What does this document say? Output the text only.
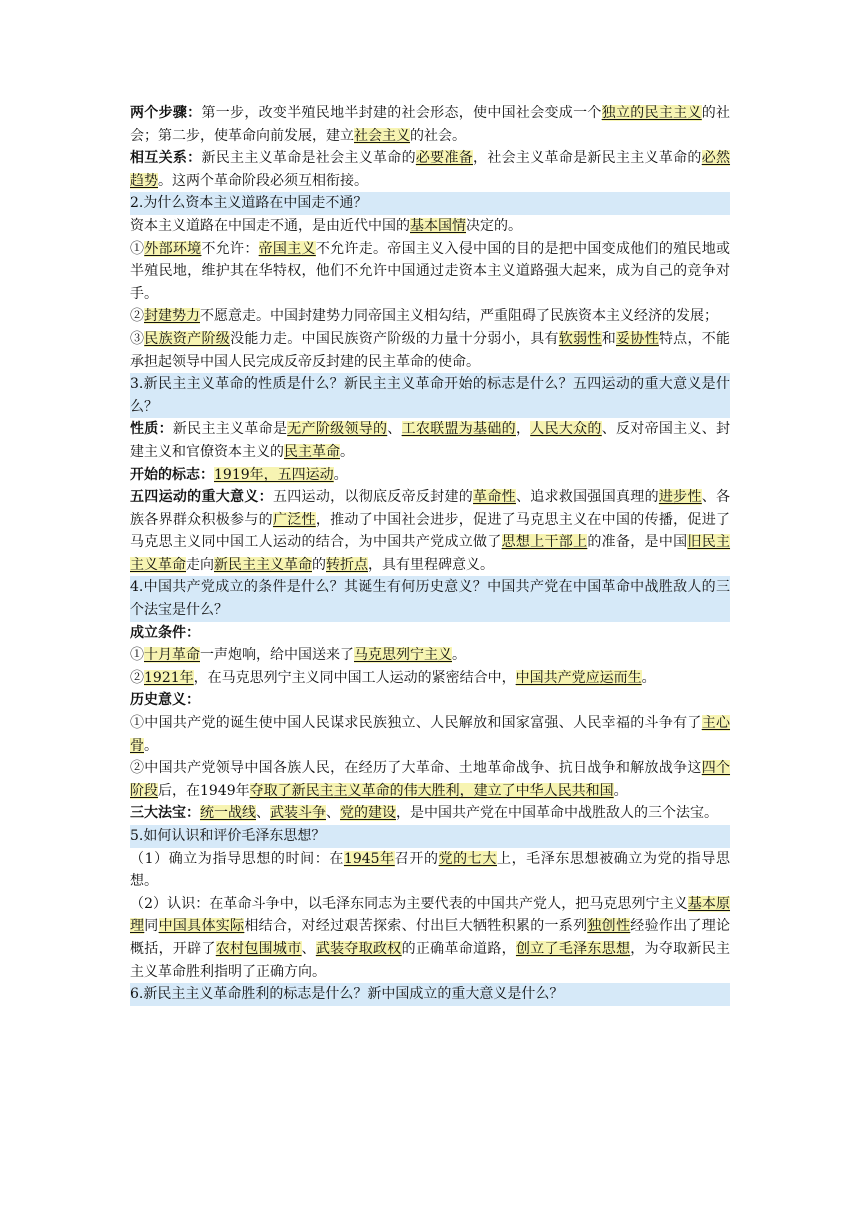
两个步骤：第一步，改变半殖民地半封建的社会形态，使中国社会变成一个独立的民主主义的社会；第二步，使革命向前发展，建立社会主义的社会。

相互关系：新民主主义革命是社会主义革命的必要准备，社会主义革命是新民主主义革命的必然趋势。这两个革命阶段必须互相衔接。

2.为什么资本主义道路在中国走不通？

资本主义道路在中国走不通，是由近代中国的基本国情决定的。

①外部环境不允许：帝国主义不允许走。帝国主义入侵中国的目的是把中国变成他们的殖民地或半殖民地，维护其在华特权，他们不允许中国通过走资本主义道路强大起来，成为自己的竞争对手。

②封建势力不愿意走。中国封建势力同帝国主义相勾结，严重阻碍了民族资本主义经济的发展；

③民族资产阶级没能力走。中国民族资产阶级的力量十分弱小，具有软弱性和妥协性特点，不能承担起领导中国人民完成反帝反封建的民主革命的使命。

3.新民主主义革命的性质是什么？新民主主义革命开始的标志是什么？五四运动的重大意义是什么？

性质：新民主主义革命是无产阶级领导的、工农联盟为基础的，人民大众的、反对帝国主义、封建主义和官僚资本主义的民主革命。

开始的标志：1919年，五四运动。

五四运动的重大意义：五四运动，以彻底反帝反封建的革命性、追求救国强国真理的进步性、各族各界群众积极参与的广泛性，推动了中国社会进步，促进了马克思主义在中国的传播，促进了马克思主义同中国工人运动的结合，为中国共产党成立做了思想上干部上的准备，是中国旧民主主义革命走向新民主主义革命的转折点，具有里程碑意义。

4.中国共产党成立的条件是什么？其诞生有何历史意义？中国共产党在中国革命中战胜敌人的三个法宝是什么？

成立条件：

①十月革命一声炮响，给中国送来了马克思列宁主义。

②1921年，在马克思列宁主义同中国工人运动的紧密结合中，中国共产党应运而生。

历史意义：

①中国共产党的诞生使中国人民谋求民族独立、人民解放和国家富强、人民幸福的斗争有了主心骨。

②中国共产党领导中国各族人民，在经历了大革命、土地革命战争、抗日战争和解放战争这四个阶段后，在1949年夺取了新民主主义革命的伟大胜利，建立了中华人民共和国。

三大法宝：统一战线、武装斗争、党的建设，是中国共产党在中国革命中战胜敌人的三个法宝。

5.如何认识和评价毛泽东思想？

（1）确立为指导思想的时间：在1945年召开的党的七大上，毛泽东思想被确立为党的指导思想。

（2）认识：在革命斗争中，以毛泽东同志为主要代表的中国共产党人，把马克思列宁主义基本原理同中国具体实际相结合，对经过艰苦探索、付出巨大牺牲积累的一系列独创性经验作出了理论概括，开辟了农村包围城市、武装夺取政权的正确革命道路，创立了毛泽东思想，为夺取新民主主义革命胜利指明了正确方向。

6.新民主主义革命胜利的标志是什么？新中国成立的重大意义是什么？
